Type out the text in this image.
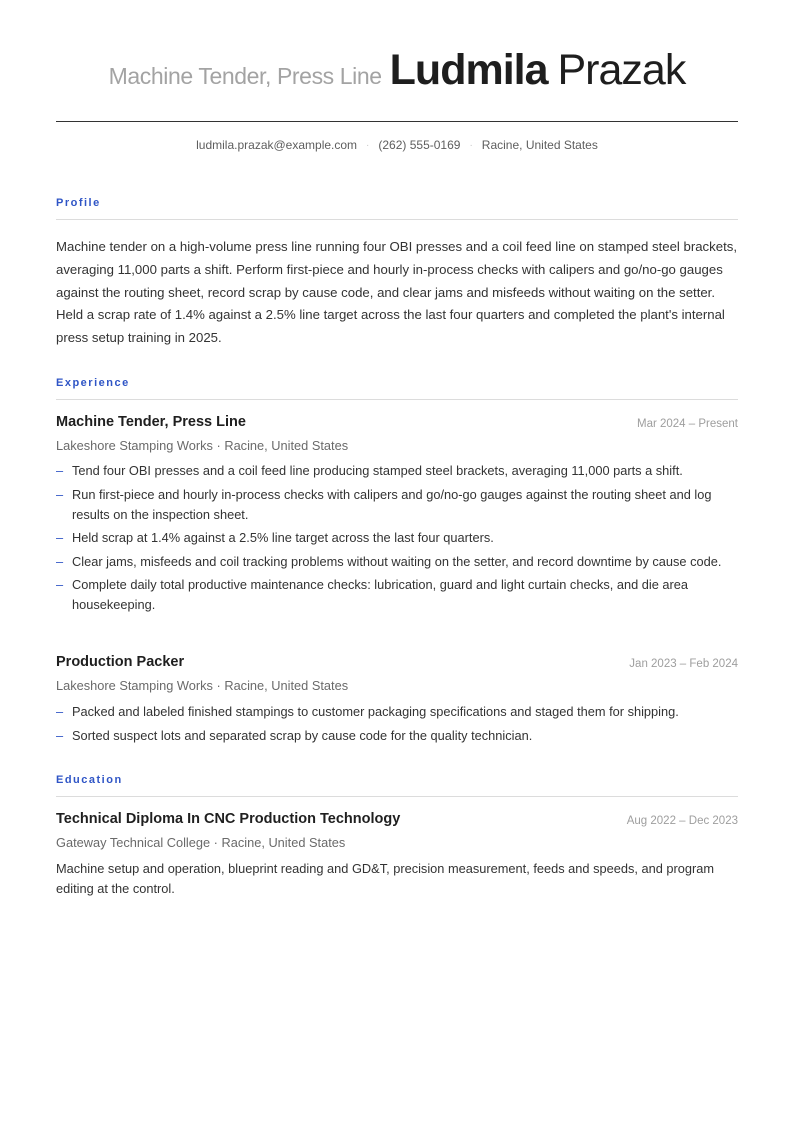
Machine Tender, Press Line Ludmila Prazak
ludmila.prazak@example.com · (262) 555-0169 · Racine, United States
Profile
Machine tender on a high-volume press line running four OBI presses and a coil feed line on stamped steel brackets, averaging 11,000 parts a shift. Perform first-piece and hourly in-process checks with calipers and go/no-go gauges against the routing sheet, record scrap by cause code, and clear jams and misfeeds without waiting on the setter. Held a scrap rate of 1.4% against a 2.5% line target across the last four quarters and completed the plant's internal press setup training in 2025.
Experience
Machine Tender, Press Line	Mar 2024 – Present
Lakeshore Stamping Works · Racine, United States
– Tend four OBI presses and a coil feed line producing stamped steel brackets, averaging 11,000 parts a shift.
– Run first-piece and hourly in-process checks with calipers and go/no-go gauges against the routing sheet and log results on the inspection sheet.
– Held scrap at 1.4% against a 2.5% line target across the last four quarters.
– Clear jams, misfeeds and coil tracking problems without waiting on the setter, and record downtime by cause code.
– Complete daily total productive maintenance checks: lubrication, guard and light curtain checks, and die area housekeeping.
Production Packer	Jan 2023 – Feb 2024
Lakeshore Stamping Works · Racine, United States
– Packed and labeled finished stampings to customer packaging specifications and staged them for shipping.
– Sorted suspect lots and separated scrap by cause code for the quality technician.
Education
Technical Diploma In CNC Production Technology	Aug 2022 – Dec 2023
Gateway Technical College · Racine, United States
Machine setup and operation, blueprint reading and GD&T, precision measurement, feeds and speeds, and program editing at the control.
